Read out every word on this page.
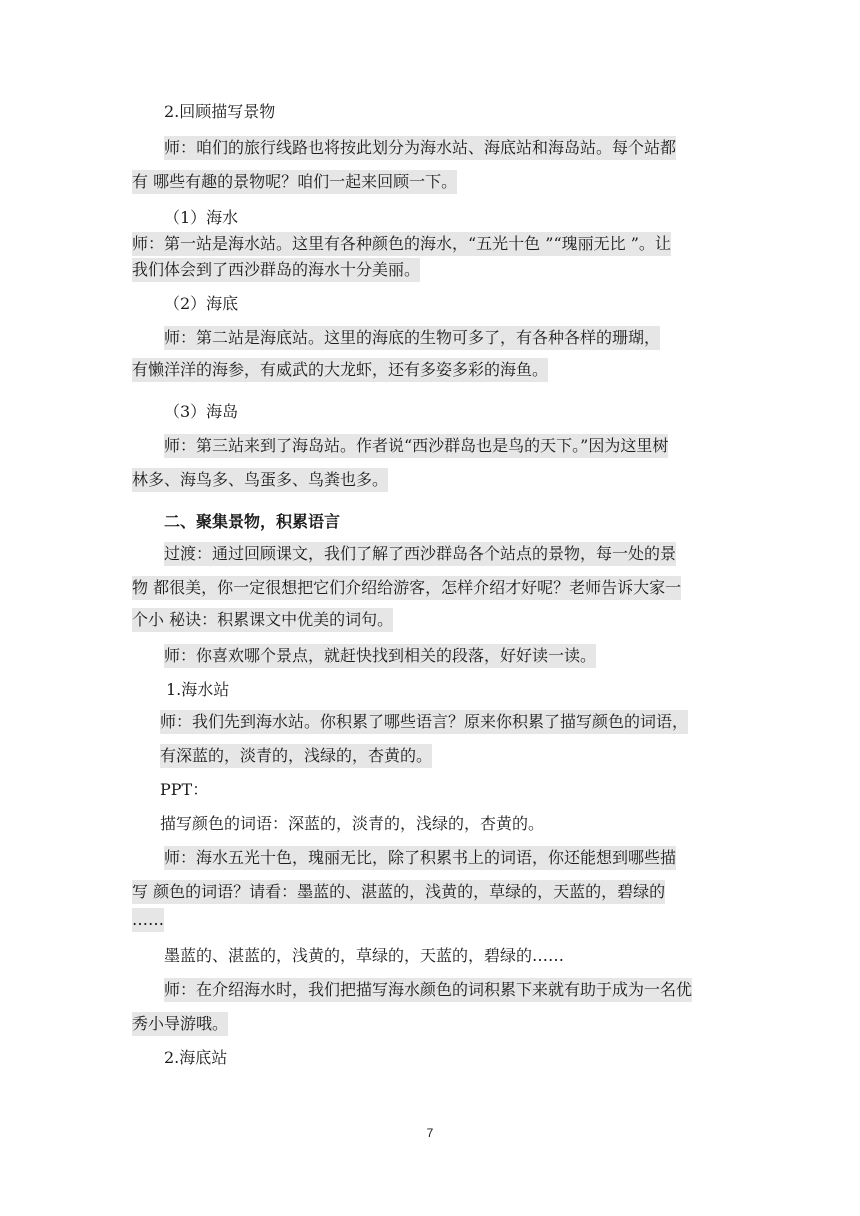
2.回顾描写景物
师：咱们的旅行线路也将按此划分为海水站、海底站和海岛站。每个站都
有 哪些有趣的景物呢？咱们一起来回顾一下。
（1）海水
师：第一站是海水站。这里有各种颜色的海水，“五光十色 ”“瑰丽无比 ”。让
我们体会到了西沙群岛的海水十分美丽。
（2）海底
师：第二站是海底站。这里的海底的生物可多了，有各种各样的珊瑚，
有懒洋洋的海参，有威武的大龙虾，还有多姿多彩的海鱼。
（3）海岛
师：第三站来到了海岛站。作者说“西沙群岛也是鸟的天下。”因为这里树
林多、海鸟多、鸟蛋多、鸟粪也多。
二、聚集景物，积累语言
过渡：通过回顾课文，我们了解了西沙群岛各个站点的景物，每一处的景
物 都很美，你一定很想把它们介绍给游客，怎样介绍才好呢？老师告诉大家一
个小 秘诀：积累课文中优美的词句。
师：你喜欢哪个景点，就赶快找到相关的段落，好好读一读。
1.海水站
师：我们先到海水站。你积累了哪些语言？原来你积累了描写颜色的词语，
有深蓝的，淡青的，浅绿的，杏黄的。
PPT：
描写颜色的词语：深蓝的，淡青的，浅绿的，杏黄的。
师：海水五光十色，瑰丽无比，除了积累书上的词语，你还能想到哪些描
写 颜色的词语？请看：墨蓝的、湛蓝的，浅黄的，草绿的，天蓝的，碧绿的
……
墨蓝的、湛蓝的，浅黄的，草绿的，天蓝的，碧绿的……
师：在介绍海水时，我们把描写海水颜色的词积累下来就有助于成为一名优
秀小导游哦。
2.海底站
7
